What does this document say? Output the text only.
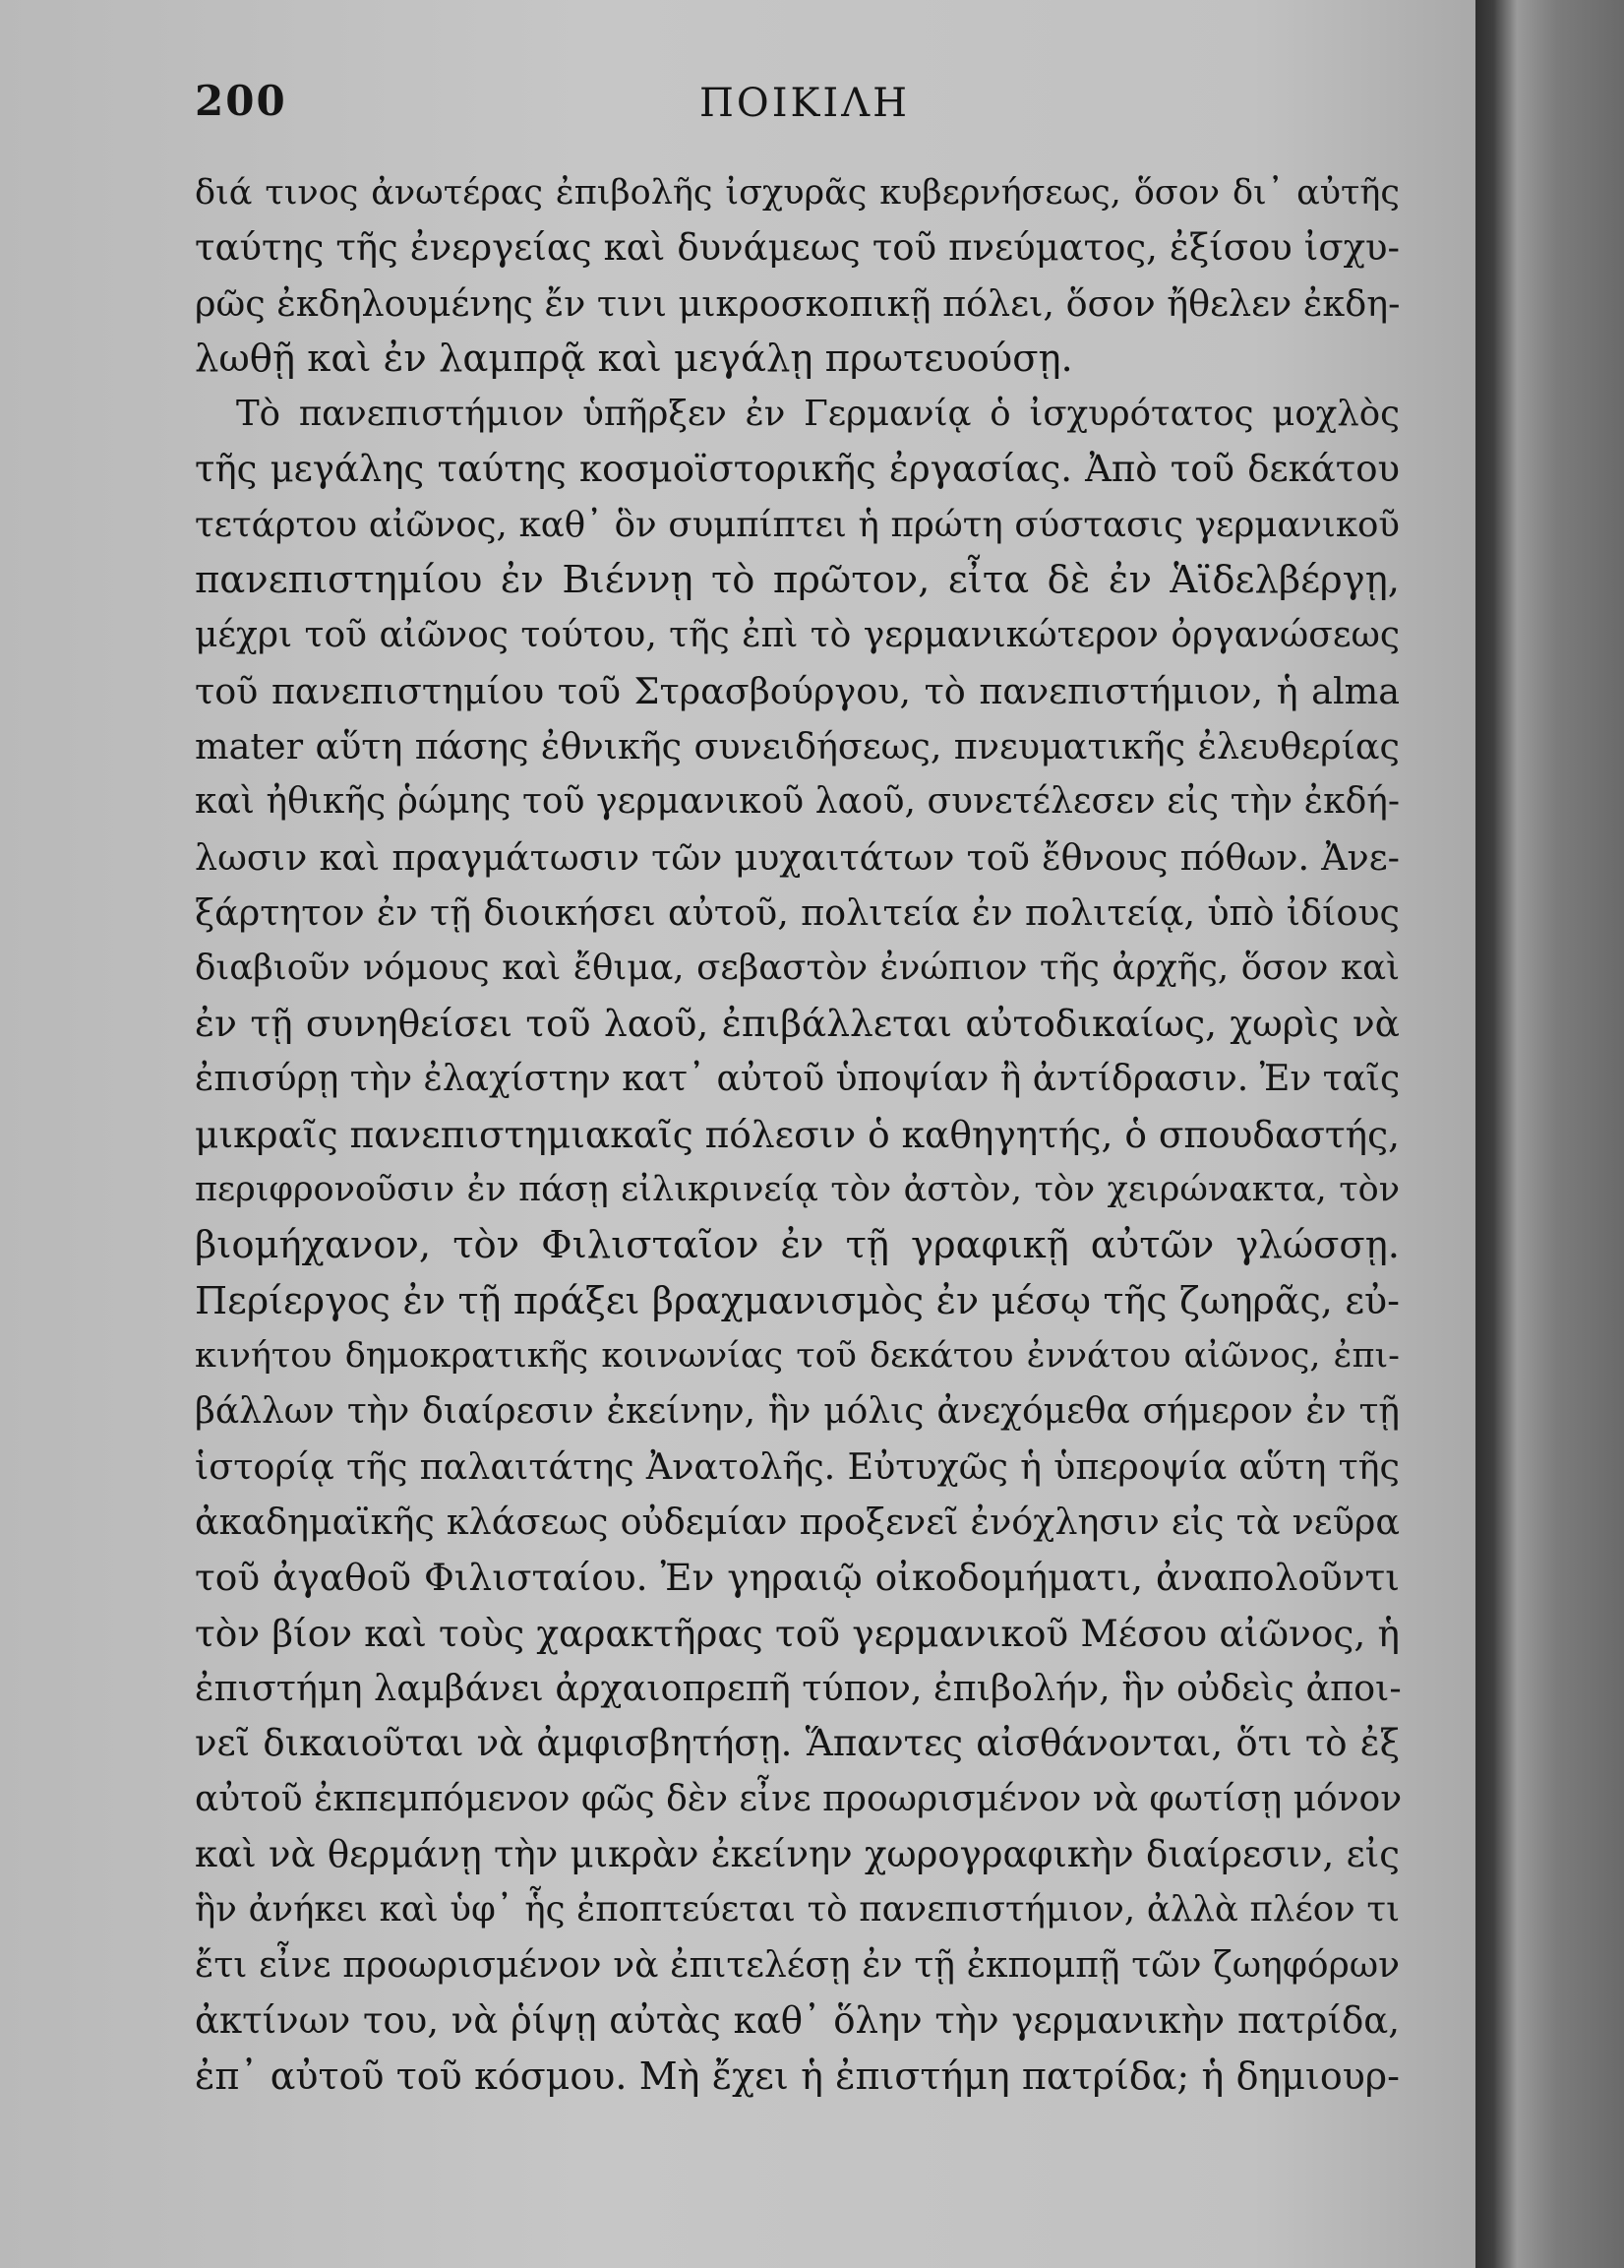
200	ΠΟΙΚΙΛΗ
διά τινος ἀνωτέρας ἐπιβολῆς ἰσχυρᾶς κυβερνήσεως, ὅσον δι᾽ αὐτῆς
ταύτης τῆς ἐνεργείας καὶ δυνάμεως τοῦ πνεύματος, ἐξίσου ἰσχυ-
ρῶς ἐκδηλουμένης ἔν τινι μικροσκοπικῇ πόλει, ὅσον ἤθελεν ἐκδη-
λωθῇ καὶ ἐν λαμπρᾷ καὶ μεγάλῃ πρωτευούσῃ.
Τὸ πανεπιστήμιον ὑπῆρξεν ἐν Γερμανίᾳ ὁ ἰσχυρότατος μοχλὸς
τῆς μεγάλης ταύτης κοσμοϊστορικῆς ἐργασίας. Ἀπὸ τοῦ δεκάτου
τετάρτου αἰῶνος, καθ᾽ ὃν συμπίπτει ἡ πρώτη σύστασις γερμανικοῦ
πανεπιστημίου ἐν Βιέννῃ τὸ πρῶτον, εἶτα δὲ ἐν Ἁϊδελβέργῃ,
μέχρι τοῦ αἰῶνος τούτου, τῆς ἐπὶ τὸ γερμανικώτερον ὀργανώσεως
τοῦ πανεπιστημίου τοῦ Στρασβούργου, τὸ πανεπιστήμιον, ἡ alma
mater αὕτη πάσης ἐθνικῆς συνειδήσεως, πνευματικῆς ἐλευθερίας
καὶ ἠθικῆς ῥώμης τοῦ γερμανικοῦ λαοῦ, συνετέλεσεν εἰς τὴν ἐκδή-
λωσιν καὶ πραγμάτωσιν τῶν μυχαιτάτων τοῦ ἔθνους πόθων. Ἀνε-
ξάρτητον ἐν τῇ διοικήσει αὐτοῦ, πολιτεία ἐν πολιτείᾳ, ὑπὸ ἰδίους
διαβιοῦν νόμους καὶ ἔθιμα, σεβαστὸν ἐνώπιον τῆς ἀρχῆς, ὅσον καὶ
ἐν τῇ συνηθείσει τοῦ λαοῦ, ἐπιβάλλεται αὐτοδικαίως, χωρὶς νὰ
ἐπισύρῃ τὴν ἐλαχίστην κατ᾽ αὐτοῦ ὑποψίαν ἢ ἀντίδρασιν. Ἐν ταῖς
μικραῖς πανεπιστημιακαῖς πόλεσιν ὁ καθηγητής, ὁ σπουδαστής,
περιφρονοῦσιν ἐν πάσῃ εἰλικρινείᾳ τὸν ἀστὸν, τὸν χειρώνακτα, τὸν
βιομήχανον, τὸν Φιλισταῖον ἐν τῇ γραφικῇ αὐτῶν γλώσσῃ.
Περίεργος ἐν τῇ πράξει βραχμανισμὸς ἐν μέσῳ τῆς ζωηρᾶς, εὐ-
κινήτου δημοκρατικῆς κοινωνίας τοῦ δεκάτου ἐννάτου αἰῶνος, ἐπι-
βάλλων τὴν διαίρεσιν ἐκείνην, ἣν μόλις ἀνεχόμεθα σήμερον ἐν τῇ
ἱστορίᾳ τῆς παλαιτάτης Ἀνατολῆς. Εὐτυχῶς ἡ ὑπεροψία αὕτη τῆς
ἀκαδημαϊκῆς κλάσεως οὐδεμίαν προξενεῖ ἐνόχλησιν εἰς τὰ νεῦρα
τοῦ ἀγαθοῦ Φιλισταίου. Ἐν γηραιῷ οἰκοδομήματι, ἀναπολοῦντι
τὸν βίον καὶ τοὺς χαρακτῆρας τοῦ γερμανικοῦ Μέσου αἰῶνος, ἡ
ἐπιστήμη λαμβάνει ἀρχαιοπρεπῆ τύπον, ἐπιβολήν, ἣν οὐδεὶς ἀποι-
νεῖ δικαιοῦται νὰ ἀμφισβητήσῃ. Ἅπαντες αἰσθάνονται, ὅτι τὸ ἐξ
αὐτοῦ ἐκπεμπόμενον φῶς δὲν εἶνε προωρισμένον νὰ φωτίσῃ μόνον
καὶ νὰ θερμάνῃ τὴν μικρὰν ἐκείνην χωρογραφικὴν διαίρεσιν, εἰς
ἣν ἀνήκει καὶ ὑφ᾽ ἧς ἐποπτεύεται τὸ πανεπιστήμιον, ἀλλὰ πλέον τι
ἔτι εἶνε προωρισμένον νὰ ἐπιτελέσῃ ἐν τῇ ἐκπομπῇ τῶν ζωηφόρων
ἀκτίνων του, νὰ ῥίψῃ αὐτὰς καθ᾽ ὅλην τὴν γερμανικὴν πατρίδα,
ἐπ᾽ αὐτοῦ τοῦ κόσμου. Μὴ ἔχει ἡ ἐπιστήμη πατρίδα; ἡ δημιουρ-
